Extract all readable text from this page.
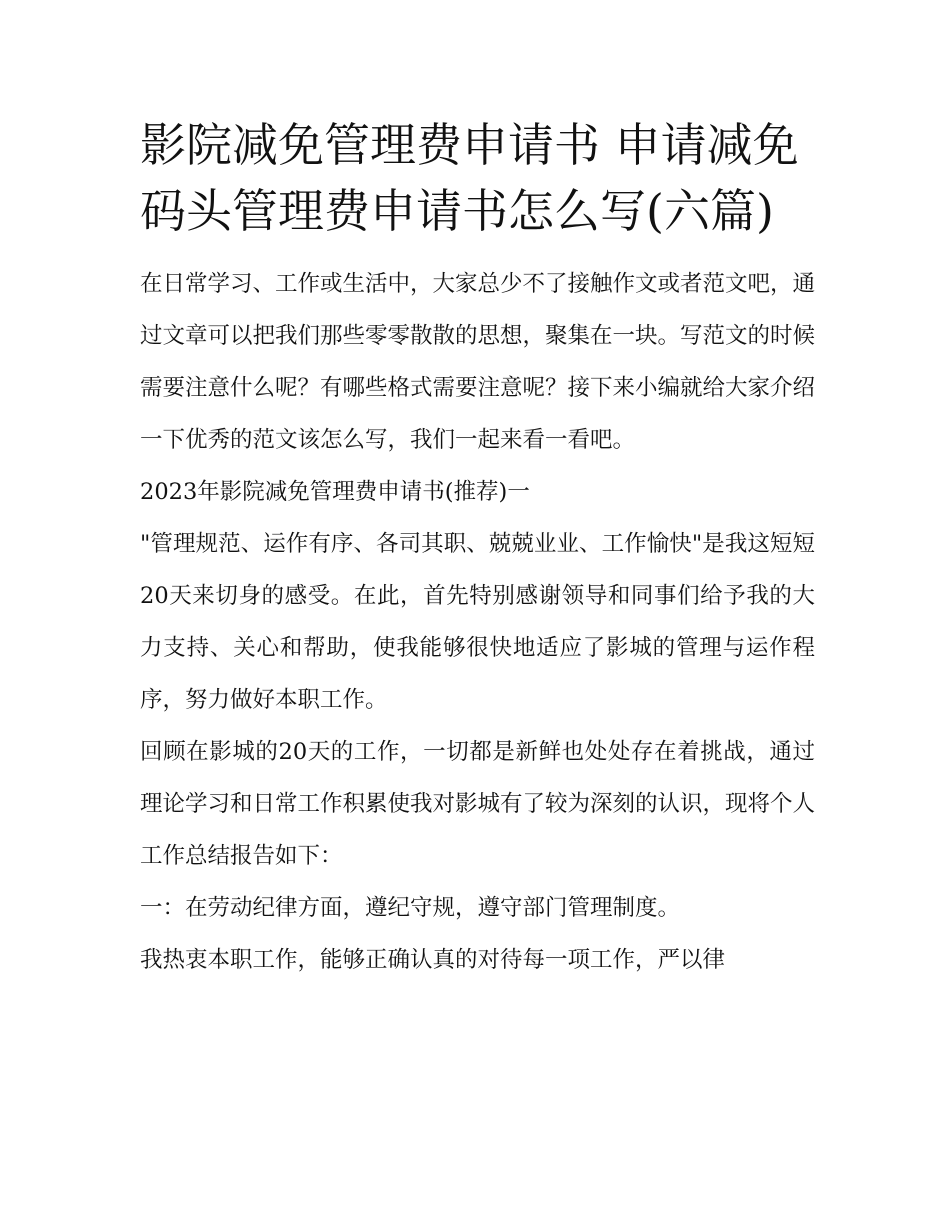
影院减免管理费申请书 申请减免码头管理费申请书怎么写(六篇)

在日常学习、工作或生活中，大家总少不了接触作文或者范文吧，通过文章可以把我们那些零零散散的思想，聚集在一块。写范文的时候需要注意什么呢？有哪些格式需要注意呢？接下来小编就给大家介绍一下优秀的范文该怎么写，我们一起来看一看吧。

2023年影院减免管理费申请书(推荐)一

"管理规范、运作有序、各司其职、兢兢业业、工作愉快"是我这短短20天来切身的感受。在此，首先特别感谢领导和同事们给予我的大力支持、关心和帮助，使我能够很快地适应了影城的管理与运作程序，努力做好本职工作。

回顾在影城的20天的工作，一切都是新鲜也处处存在着挑战，通过理论学习和日常工作积累使我对影城有了较为深刻的认识，现将个人工作总结报告如下：

一：在劳动纪律方面，遵纪守规，遵守部门管理制度。

我热衷本职工作，能够正确认真的对待每一项工作，严以律
